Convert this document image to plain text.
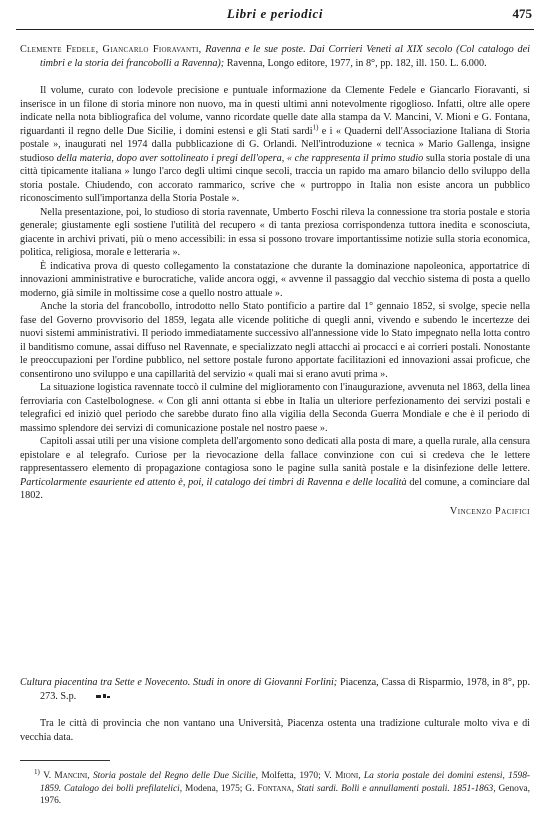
Libri e periodici	475

Clemente Fedele, Giancarlo Fioravanti, Ravenna e le sue poste. Dai Corrieri Veneti al XIX secolo (Col catalogo dei timbri e la storia dei francobolli a Ravenna); Ravenna, Longo editore, 1977, in 8°, pp. 182, ill. 150. L. 6.000.

Il volume, curato con lodevole precisione e puntuale informazione da Clemente Fedele e Giancarlo Fioravanti, si inserisce in un filone di storia minore non nuovo, ma in questi ultimi anni notevolmente rigoglioso. Infatti, oltre alle opere indicate nella nota bibliografica del volume, vanno ricordate quelle date alla stampa da V. Mancini, V. Mioni e G. Fontana, riguardanti il regno delle Due Sicilie, i domini estensi e gli Stati sardi$^{1)}$ e i « Quaderni dell'Associazione Italiana di Storia postale », inaugurati nel 1974 dalla pubblicazione di G. Orlandi. Nell'introduzione « tecnica » Mario Gallenga, insigne studioso della materia, dopo aver sottolineato i pregi dell'opera, « che rappresenta il primo studio sulla storia postale di una città tipicamente italiana » lungo l'arco degli ultimi cinque secoli, traccia un rapido ma amaro bilancio dello sviluppo della storia postale. Chiudendo, con accorato rammarico, scrive che « purtroppo in Italia non esiste ancora un pubblico riconoscimento sull'importanza della Storia Postale ».

Nella presentazione, poi, lo studioso di storia ravennate, Umberto Foschi rileva la connessione tra storia postale e storia generale; giustamente egli sostiene l'utilità del recupero « di tanta preziosa corrispondenza tuttora inedita e sconosciuta, giacente in archivi privati, più o meno accessibili: in essa si possono trovare importantissime notizie sulla storia economica, politica, religiosa, morale e letteraria ».

È indicativa prova di questo collegamento la constatazione che durante la dominazione napoleonica, apportatrice di innovazioni amministrative e burocratiche, valide ancora oggi, « avvenne il passaggio dal vecchio sistema di posta a quello moderno, già simile in moltissime cose a quello nostro attuale ».

Anche la storia del francobollo, introdotto nello Stato pontificio a partire dal 1° gennaio 1852, si svolge, specie nella fase del Governo provvisorio del 1859, legata alle vicende politiche di quegli anni, vivendo e subendo le incertezze dei nuovi sistemi amministrativi. Il periodo immediatamente successivo all'annessione vide lo Stato impegnato nella lotta contro il banditismo comune, assai diffuso nel Ravennate, e specializzato negli attacchi ai procacci e ai corrieri postali. Nonostante le preoccupazioni per l'ordine pubblico, nel settore postale furono apportate facilitazioni ed innovazioni assai proficue, che consentirono uno sviluppo e una capillarità del servizio « quali mai si erano avuti prima ».

La situazione logistica ravennate toccò il culmine del miglioramento con l'inaugurazione, avvenuta nel 1863, della linea ferroviaria con Castelbolognese. « Con gli anni ottanta si ebbe in Italia un ulteriore perfezionamento dei servizi postali e telegrafici ed iniziò quel periodo che sarebbe durato fino alla vigilia della Seconda Guerra Mondiale e che è il periodo di massimo splendore dei servizi di comunicazione postale nel nostro paese ».

Capitoli assai utili per una visione completa dell'argomento sono dedicati alla posta di mare, a quella rurale, alla censura epistolare e al telegrafo. Curiose per la rievocazione della fallace convinzione con cui si credeva che le lettere rappresentassero elemento di propagazione contagiosa sono le pagine sulla sanità postale e la disinfezione delle lettere. Particolarmente esauriente ed attento è, poi, il catalogo dei timbri di Ravenna e delle località del comune, a cominciare dal 1802.

Vincenzo Pacifici

Cultura piacentina tra Sette e Novecento. Studi in onore di Giovanni Forlini; Piacenza, Cassa di Risparmio, 1978, in 8°, pp. 273. S.p.

Tra le città di provincia che non vantano una Università, Piacenza ostenta una tradizione culturale molto viva e di vecchia data.

$^{1)}$ V. Mancini, Storia postale del Regno delle Due Sicilie, Molfetta, 1970; V. Mioni, La storia postale dei domini estensi, 1598-1859. Catalogo dei bolli prefilatelici, Modena, 1975; G. Fontana, Stati sardi. Bolli e annullamenti postali. 1851-1863, Genova, 1976.
